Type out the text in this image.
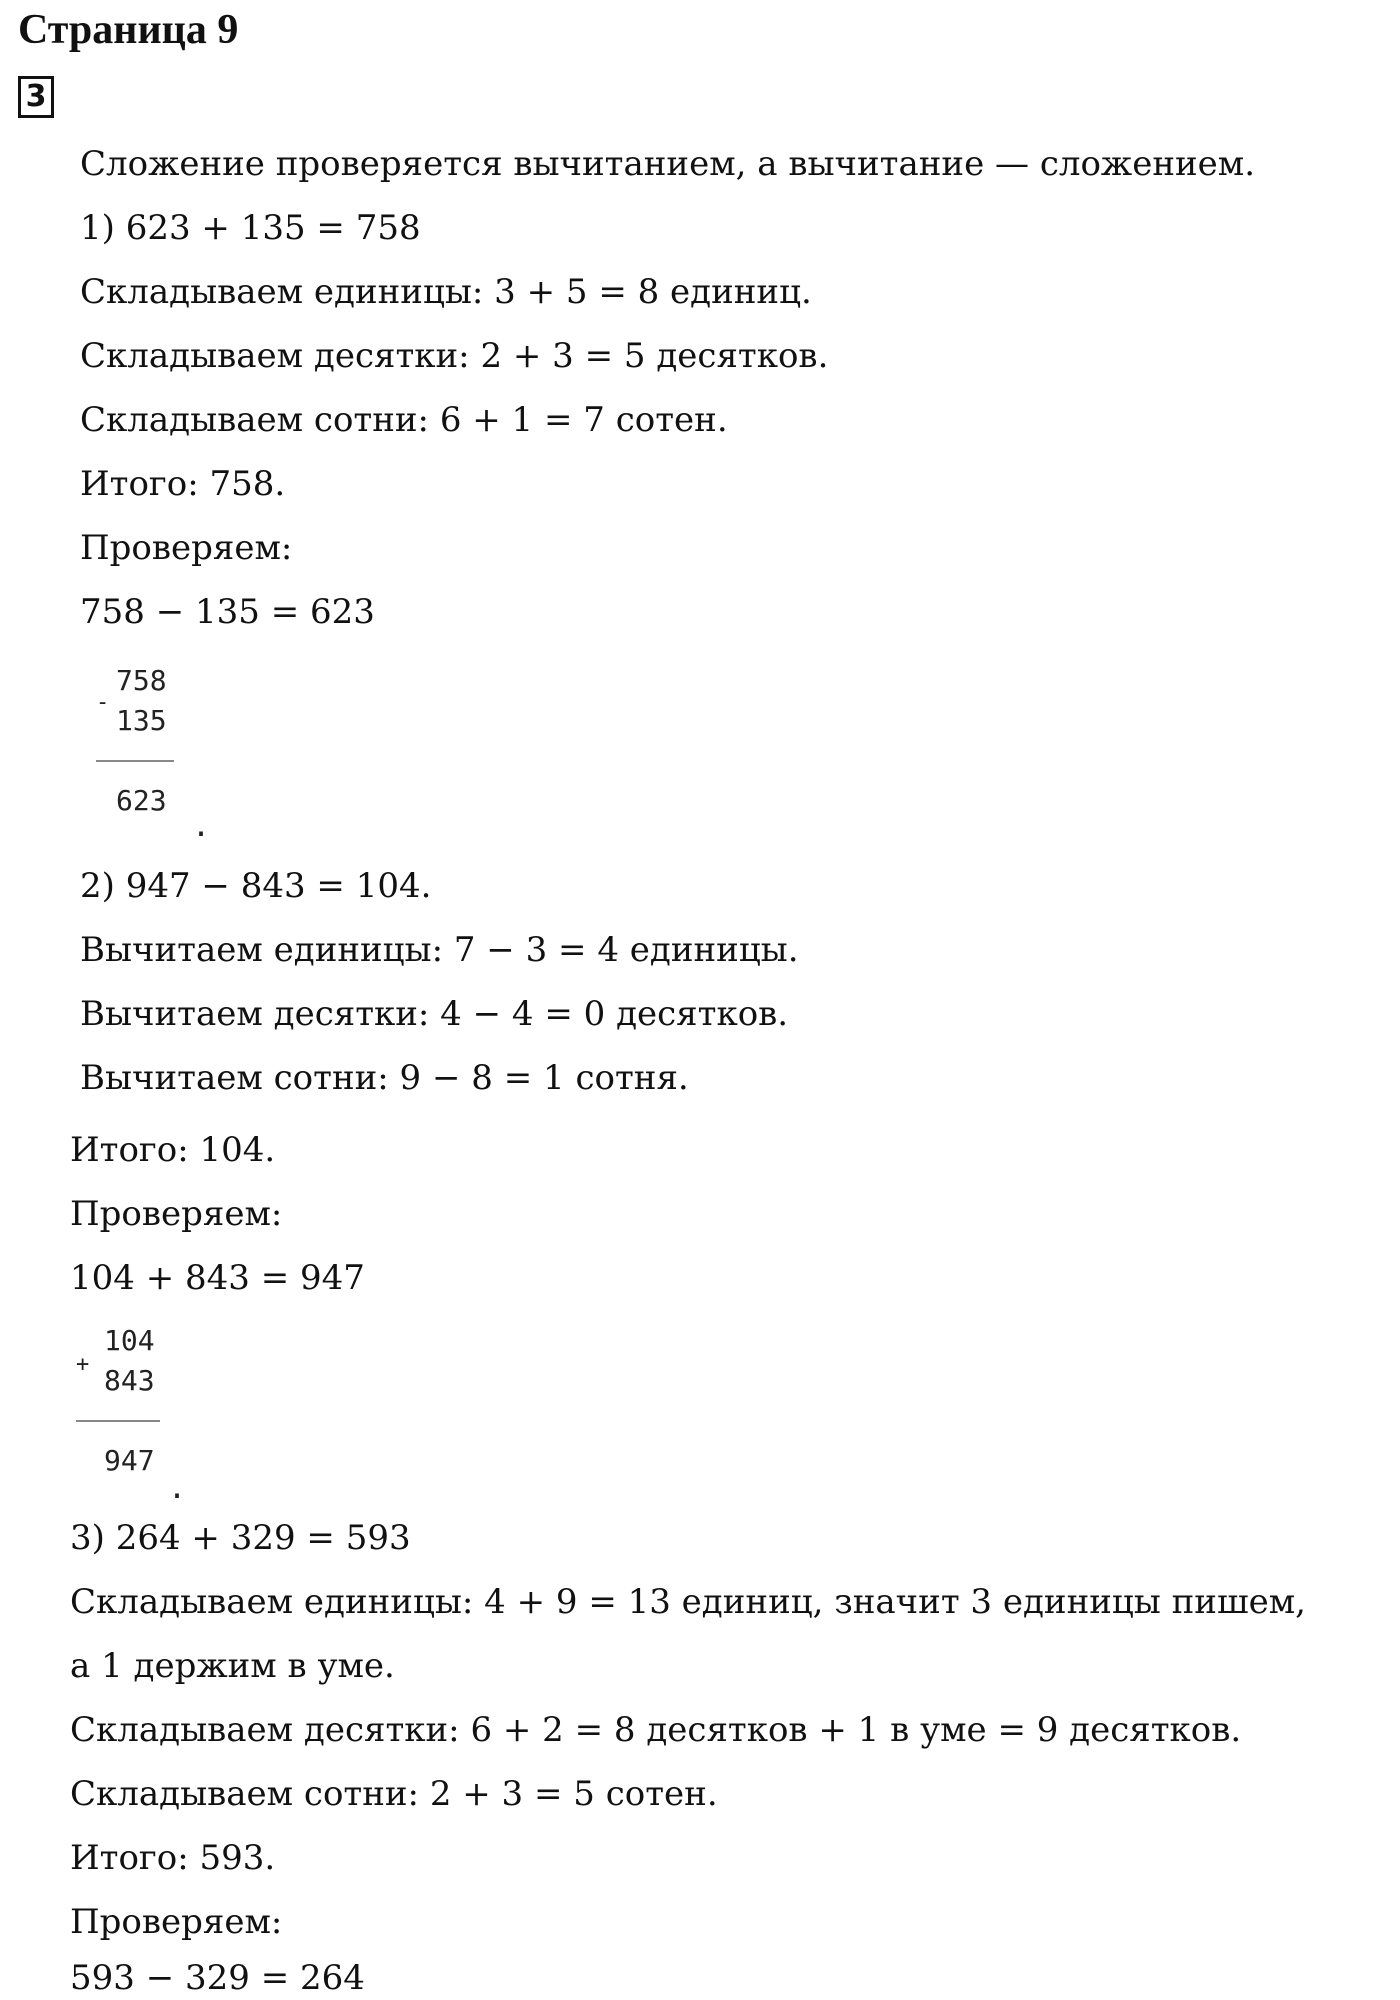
Страница 9
3
Сложение проверяется вычитанием, а вычитание — сложением.
1) 623 + 135 = 758
Складываем единицы: 3 + 5 = 8 единиц.
Складываем десятки: 2 + 3 = 5 десятков.
Складываем сотни: 6 + 1 = 7 сотен.
Итого: 758.
Проверяем:
758 − 135 = 623
-
758
135
623
.
2) 947 − 843 = 104.
Вычитаем единицы: 7 − 3 = 4 единицы.
Вычитаем десятки: 4 − 4 = 0 десятков.
Вычитаем сотни: 9 − 8 = 1 сотня.
Итого: 104.
Проверяем:
104 + 843 = 947
+
104
843
947
.
3) 264 + 329 = 593
Складываем единицы: 4 + 9 = 13 единиц, значит 3 единицы пишем,
а 1 держим в уме.
Складываем десятки: 6 + 2 = 8 десятков + 1 в уме = 9 десятков.
Складываем сотни: 2 + 3 = 5 сотен.
Итого: 593.
Проверяем:
593 − 329 = 264
